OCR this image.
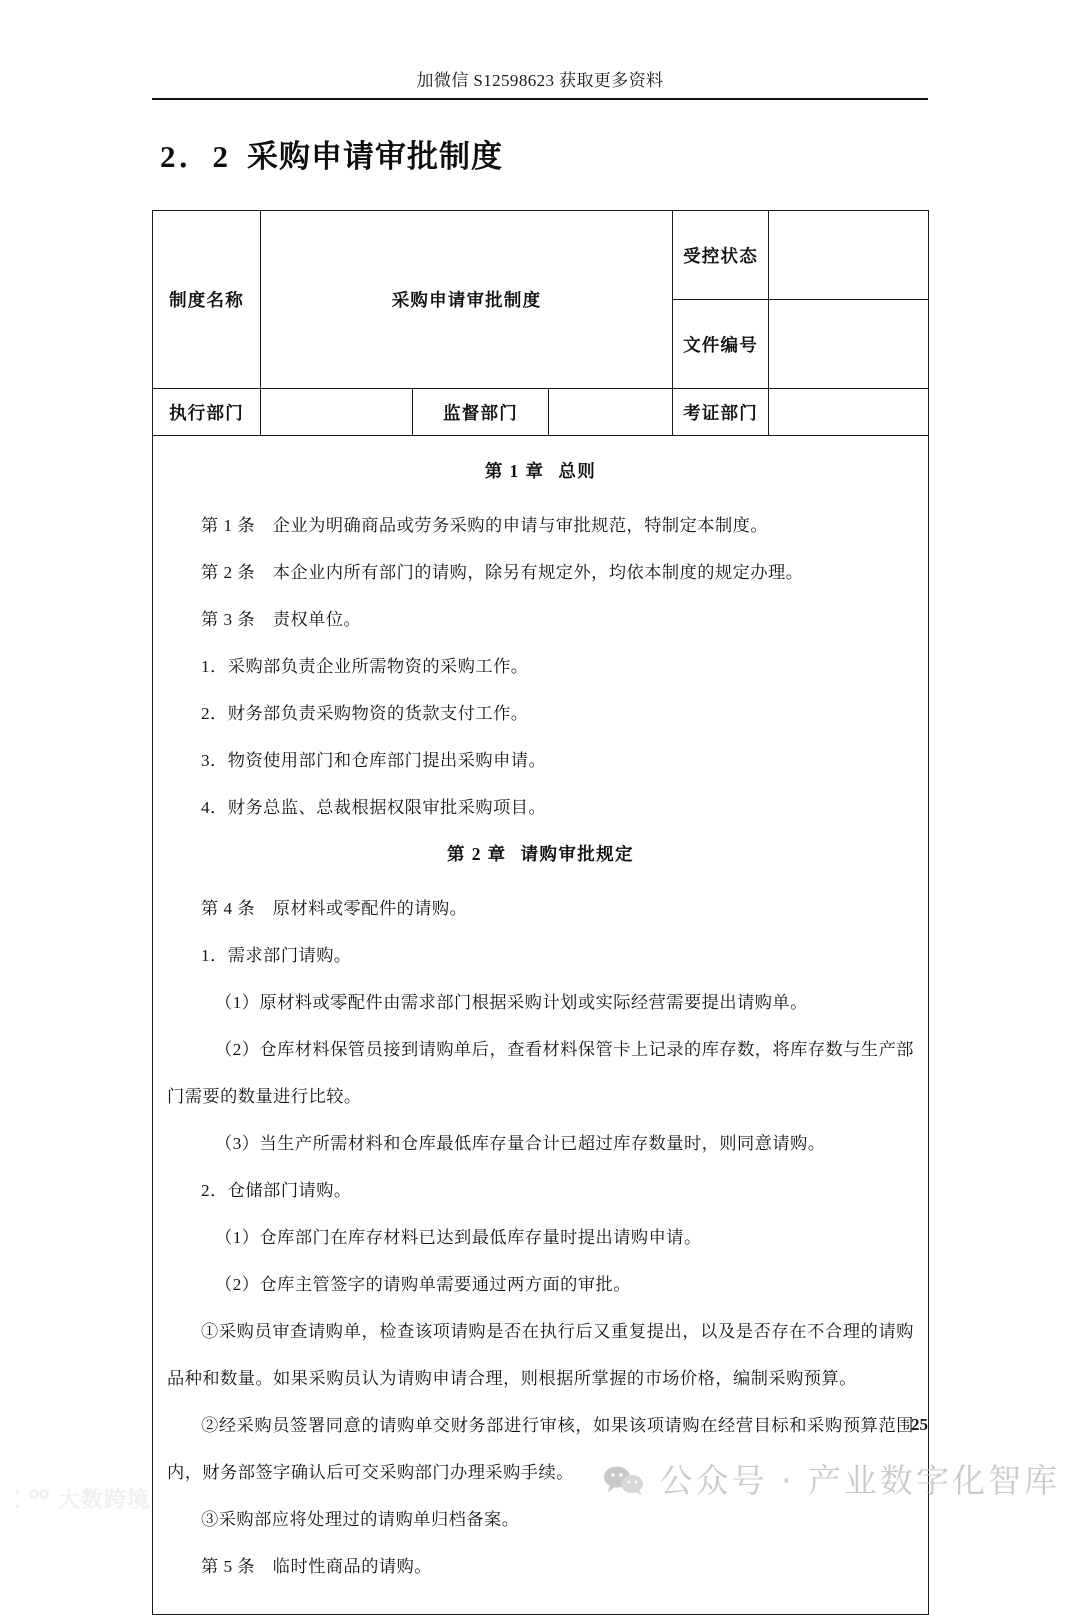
加微信 S12598623 获取更多资料
2．2 采购申请审批制度
制度名称	采购申请审批制度			受控状态	
				文件编号	
执行部门		监督部门		考证部门	

第 1 章 总则

第 1 条　企业为明确商品或劳务采购的申请与审批规范，特制定本制度。

第 2 条　本企业内所有部门的请购，除另有规定外，均依本制度的规定办理。

第 3 条　责权单位。

1．采购部负责企业所需物资的采购工作。

2．财务部负责采购物资的货款支付工作。

3．物资使用部门和仓库部门提出采购申请。

4．财务总监、总裁根据权限审批采购项目。

第 2 章 请购审批规定

第 4 条　原材料或零配件的请购。

1．需求部门请购。

（1）原材料或零配件由需求部门根据采购计划或实际经营需要提出请购单。

（2）仓库材料保管员接到请购单后，查看材料保管卡上记录的库存数，将库存数与生产部门需要的数量进行比较。

（3）当生产所需材料和仓库最低库存量合计已超过库存数量时，则同意请购。

2．仓储部门请购。

（1）仓库部门在库存材料已达到最低库存量时提出请购申请。

（2）仓库主管签字的请购单需要通过两方面的审批。

①采购员审查请购单，检查该项请购是否在执行后又重复提出，以及是否存在不合理的请购品种和数量。如果采购员认为请购申请合理，则根据所掌握的市场价格，编制采购预算。

②经采购员签署同意的请购单交财务部进行审核，如果该项请购在经营目标和采购预算范围内，财务部签字确认后可交采购部门办理采购手续。

③采购部应将处理过的请购单归档备案。

第 5 条　临时性商品的请购。

25
公众号 · 产业数字化智库
大数跨境
